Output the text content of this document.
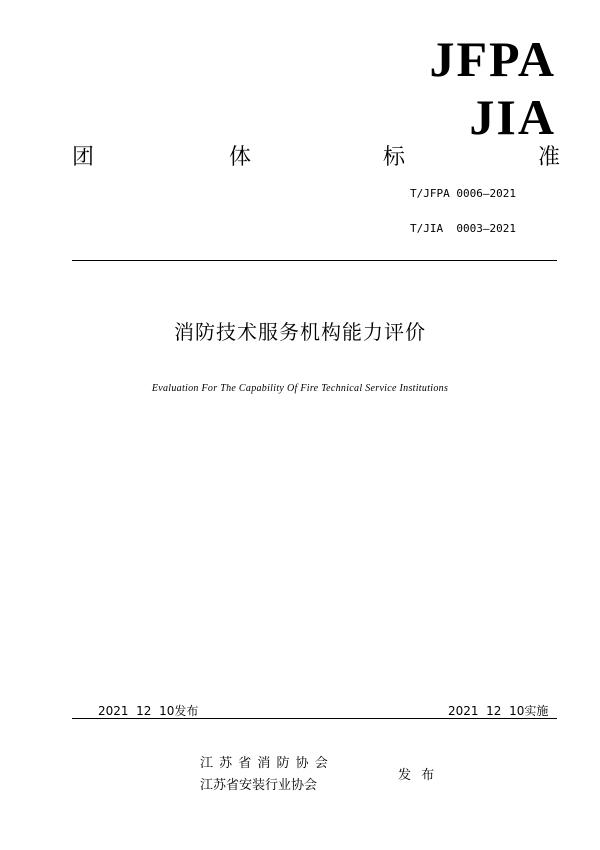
JFPA
JIA
团	体	标	准
T/JFPA 0006—2021
T/JIA  0003—2021
消防技术服务机构能力评价
Evaluation For The Capability Of Fire Technical Service Institutions
2021  12  10发布	2021  12  10实施
江 苏 省 消 防 协 会
江苏省安装行业协会
发 布
